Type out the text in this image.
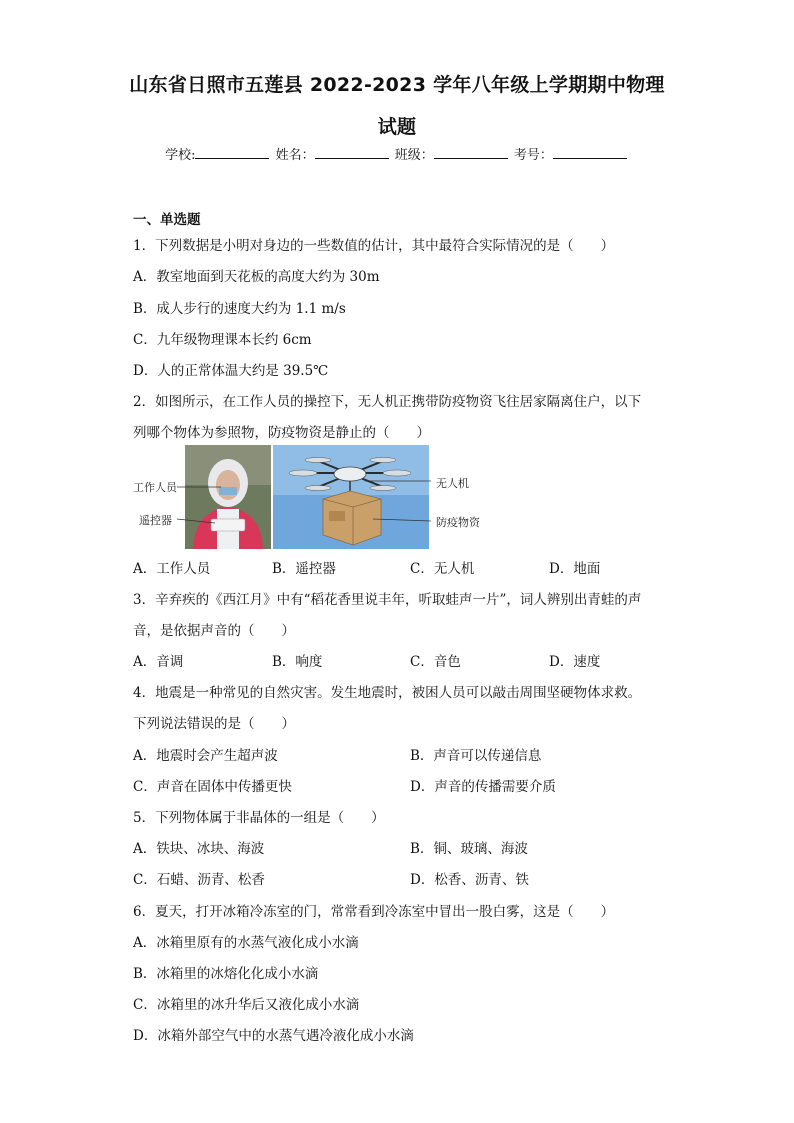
山东省日照市五莲县 2022-2023 学年八年级上学期期中物理
试题
学校:	姓名：	班级：	考号：
一、单选题
1．下列数据是小明对身边的一些数值的估计，其中最符合实际情况的是（　　）
A．教室地面到天花板的高度大约为 30m
B．成人步行的速度大约为 1.1 m/s
C．九年级物理课本长约 6cm
D．人的正常体温大约是 39.5℃
2．如图所示，在工作人员的操控下，无人机正携带防疫物资飞往居家隔离住户，以下
列哪个物体为参照物，防疫物资是静止的（　　）
工作人员
遥控器
无人机
防疫物资
A．工作人员	B．遥控器	C．无人机	D．地面
3．辛弃疾的《西江月》中有“稻花香里说丰年，听取蛙声一片”，词人辨别出青蛙的声
音，是依据声音的（　　）
A．音调	B．响度	C．音色	D．速度
4．地震是一种常见的自然灾害。发生地震时，被困人员可以敲击周围坚硬物体求救。
下列说法错误的是（　　）
A．地震时会产生超声波	B．声音可以传递信息
C．声音在固体中传播更快	D．声音的传播需要介质
5．下列物体属于非晶体的一组是（　　）
A．铁块、冰块、海波	B．铜、玻璃、海波
C．石蜡、沥青、松香	D．松香、沥青、铁
6．夏天，打开冰箱冷冻室的门，常常看到冷冻室中冒出一股白雾，这是（　　）
A．冰箱里原有的水蒸气液化成小水滴
B．冰箱里的冰熔化化成小水滴
C．冰箱里的冰升华后又液化成小水滴
D．冰箱外部空气中的水蒸气遇冷液化成小水滴
